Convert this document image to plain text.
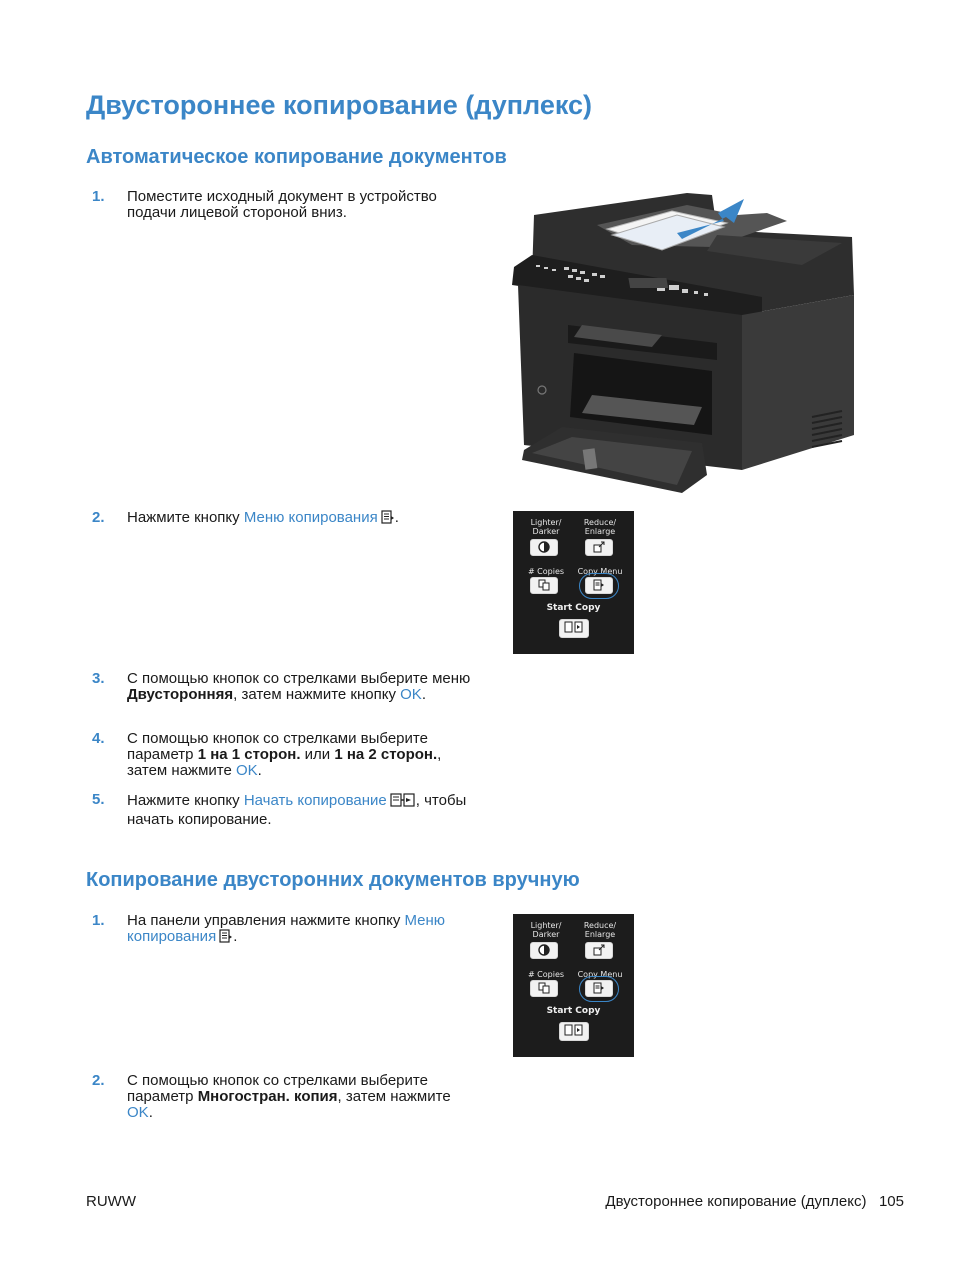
Двустороннее копирование (дуплекс)
Автоматическое копирование документов
1.	Поместите исходный документ в устройство подачи лицевой стороной вниз.
2.	Нажмите кнопку Меню копирования .
3.	С помощью кнопок со стрелками выберите меню Двусторонняя, затем нажмите кнопку OK.
4.	С помощью кнопок со стрелками выберите параметр 1 на 1 сторон. или 1 на 2 сторон., затем нажмите OK.
5.	Нажмите кнопку Начать копирование , чтобы начать копирование.
Копирование двусторонних документов вручную
1.	На панели управления нажмите кнопку Меню копирования .
2.	С помощью кнопок со стрелками выберите параметр Многостран. копия, затем нажмите OK.
Lighter/ Darker
Reduce/ Enlarge
# Copies	Copy Menu
Start Copy
Lighter/ Darker
Reduce/ Enlarge
# Copies	Copy Menu
Start Copy
RUWW	Двустороннее копирование (дуплекс)   105
